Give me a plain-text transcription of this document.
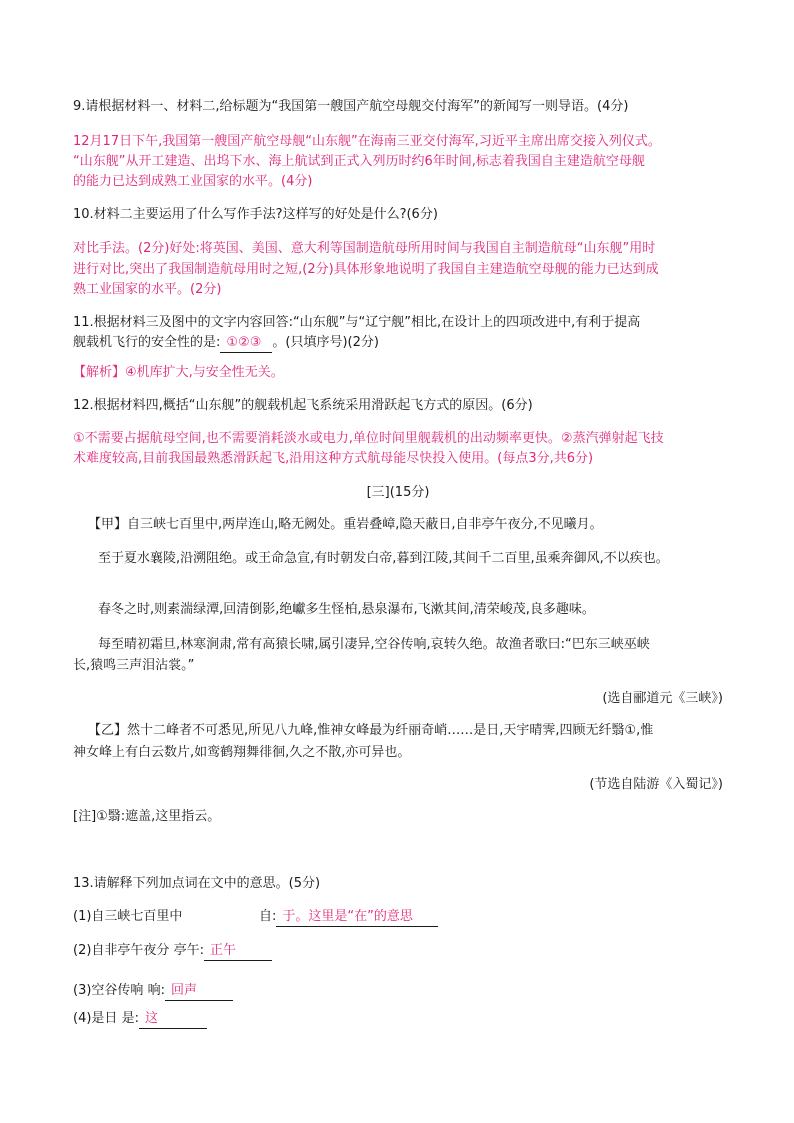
9.请根据材料一、材料二,给标题为“我国第一艘国产航空母舰交付海军”的新闻写一则导语。(4分)
12月17日下午,我国第一艘国产航空母舰“山东舰”在海南三亚交付海军,习近平主席出席交接入列仪式。
“山东舰”从开工建造、出坞下水、海上航试到正式入列历时约6年时间,标志着我国自主建造航空母舰
的能力已达到成熟工业国家的水平。(4分)
10.材料二主要运用了什么写作手法?这样写的好处是什么?(6分)
对比手法。(2分)好处:将英国、美国、意大利等国制造航母所用时间与我国自主制造航母“山东舰”用时
进行对比,突出了我国制造航母用时之短,(2分)具体形象地说明了我国自主建造航空母舰的能力已达到成
熟工业国家的水平。(2分)
11.根据材料三及图中的文字内容回答:“山东舰”与“辽宁舰”相比,在设计上的四项改进中,有利于提高
舰载机飞行的安全性的是: ①②③ 。(只填序号)(2分)
【解析】④机库扩大,与安全性无关。
12.根据材料四,概括“山东舰”的舰载机起飞系统采用滑跃起飞方式的原因。(6分)
①不需要占据航母空间,也不需要消耗淡水或电力,单位时间里舰载机的出动频率更快。②蒸汽弹射起飞技
术难度较高,目前我国最熟悉滑跃起飞,沿用这种方式航母能尽快投入使用。(每点3分,共6分)
[三](15分)
【甲】自三峡七百里中,两岸连山,略无阙处。重岩叠嶂,隐天蔽日,自非亭午夜分,不见曦月。
至于夏水襄陵,沿溯阻绝。或王命急宣,有时朝发白帝,暮到江陵,其间千二百里,虽乘奔御风,不以疾也。
春冬之时,则素湍绿潭,回清倒影,绝巘多生怪柏,悬泉瀑布,飞漱其间,清荣峻茂,良多趣味。
每至晴初霜旦,林寒涧肃,常有高猿长啸,属引凄异,空谷传响,哀转久绝。故渔者歌曰:“巴东三峡巫峡
长,猿鸣三声泪沾裳。”
(选自郦道元《三峡》)
【乙】然十二峰者不可悉见,所见八九峰,惟神女峰最为纤丽奇峭……是日,天宇晴霁,四顾无纤翳①,惟
神女峰上有白云数片,如鸾鹤翔舞徘徊,久之不散,亦可异也。
(节选自陆游《入蜀记》)
[注]①翳:遮盖,这里指云。
13.请解释下列加点词在文中的意思。(5分)
(1)自三峡七百里中	自: 于。这里是“在”的意思
(2)自非亭午夜分 亭午: 正午
(3)空谷传响 响: 回声
(4)是日 是: 这
